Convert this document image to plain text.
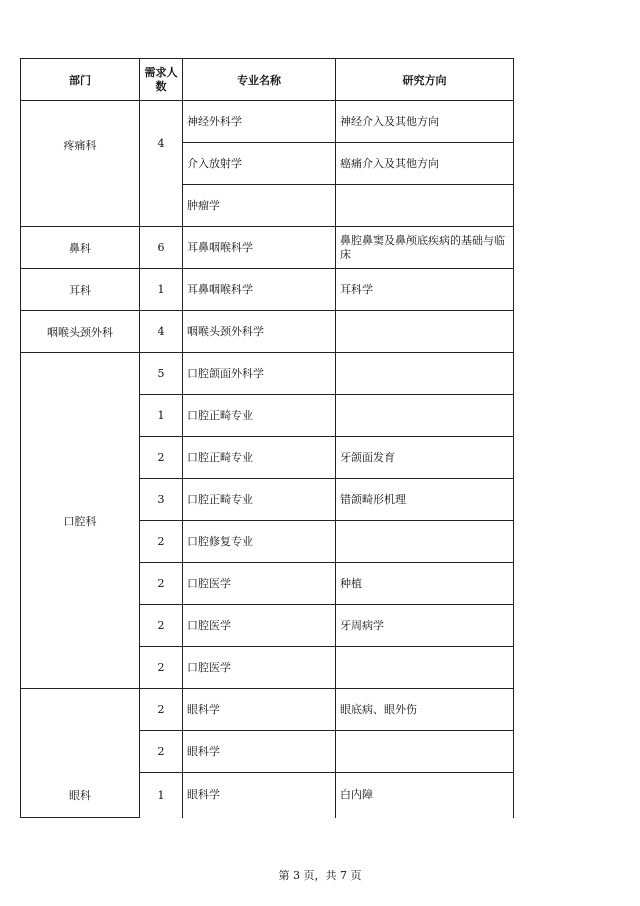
部门	需求人数	专业名称	研究方向
疼痛科	4	神经外科学	神经介入及其他方向
		介入放射学	癌痛介入及其他方向
		肿瘤学	
鼻科	6	耳鼻咽喉科学	鼻腔鼻窦及鼻颅底疾病的基础与临床
耳科	1	耳鼻咽喉科学	耳科学
咽喉头颈外科	4	咽喉头颈外科学	
口腔科	5	口腔颌面外科学	
	1	口腔正畸专业	
	2	口腔正畸专业	牙颌面发育
	3	口腔正畸专业	错颌畸形机理
	2	口腔修复专业	
	2	口腔医学	种植
	2	口腔医学	牙周病学
	2	口腔医学	
眼科	2	眼科学	眼底病、眼外伤
	2	眼科学	
	1	眼科学	白内障
第 3 页，共 7 页
